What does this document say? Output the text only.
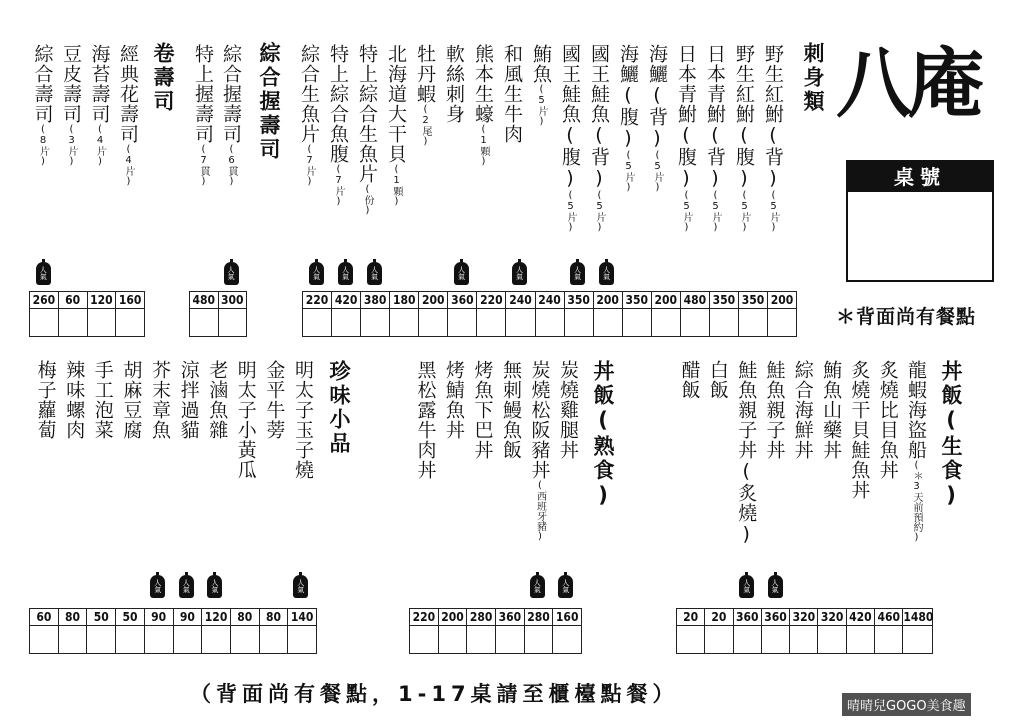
八庵
桌號
＊背面尚有餐點
（背面尚有餐點，1-17桌請至櫃檯點餐）
晴晴兒GOGO美食趣
刺身類
野生紅鮒(背)(5片)
野生紅鮒(腹)(5片)
日本青鮒(背)(5片)
日本青鮒(腹)(5片)
海鱺(背)(5片)
海鱺(腹)(5片)
國王鮭魚(背)(5片)
人
氣
國王鮭魚(腹)(5片)
人
氣
鮪魚(5片)
和風生牛肉
人
氣
熊本生蠔(1顆)
軟絲刺身
人
氣
牡丹蝦(2尾)
北海道大干貝(1顆)
特上綜合生魚片(份)
人
氣
特上綜合魚腹(7片)
人
氣
綜合生魚片(7片)
人
氣
220 420 380 180 200 360 220 240 240 350 200 350 200 480 350 350 200
綜合握壽司
綜合握壽司(6貫)
人
氣
特上握壽司(7貫)
480 300
卷壽司
經典花壽司(4片)
海苔壽司(4片)
豆皮壽司(3片)
綜合壽司(8片)
人
氣
260 60 120 160
丼飯(生食)
龍蝦海盜船(＊3天前預約)
炙燒比目魚丼
炙燒干貝鮭魚丼
鮪魚山藥丼
綜合海鮮丼
鮭魚親子丼
人
氣
鮭魚親子丼(炙燒)
人
氣
白飯
醋飯
20	20 360 360 320 320 420 460 1480
丼飯(熟食)
炭燒雞腿丼
人
氣
炭燒松阪豬丼(西班牙豬)
人
氣
無刺鰻魚飯
烤魚下巴丼
烤鯖魚丼
黑松露牛肉丼
220 200 280 360 280 160
珍味小品
明太子玉子燒
人
氣
金平牛蒡
明太子小黃瓜
老滷魚雜
人
氣
涼拌過貓
人
氣
芥末章魚
人
氣
胡麻豆腐
手工泡菜
辣味螺肉
梅子蘿蔔
60	80	50	50	90	90 120 80	80 140
